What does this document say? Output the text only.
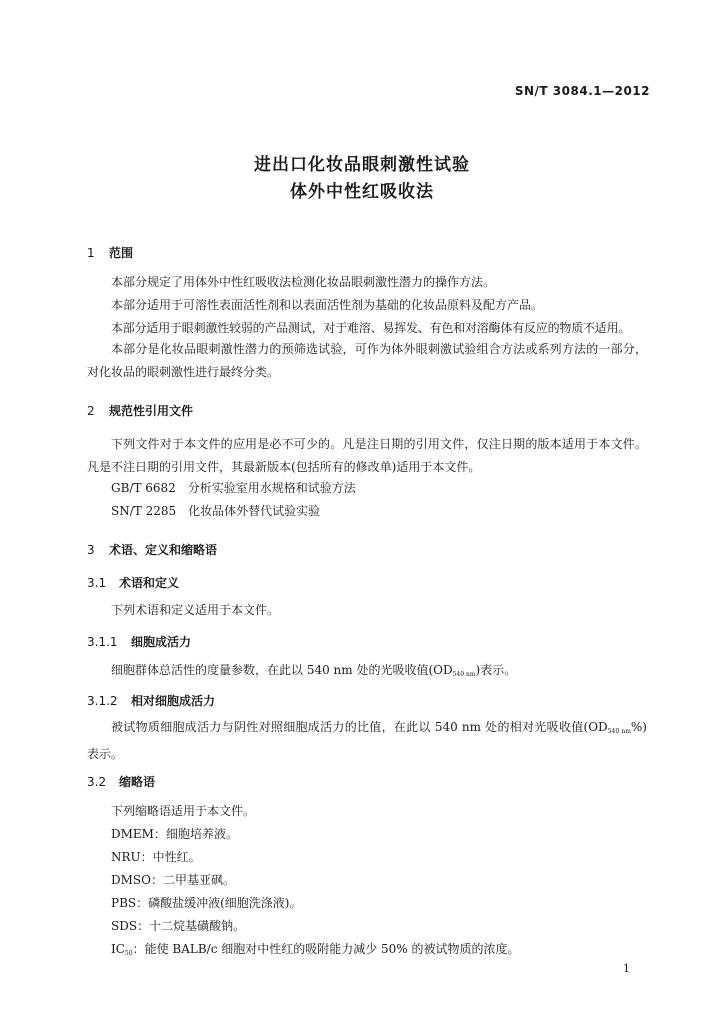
SN/T 3084.1—2012
进出口化妆品眼刺激性试验
体外中性红吸收法
1 范围
本部分规定了用体外中性红吸收法检测化妆品眼刺激性潜力的操作方法。
本部分适用于可溶性表面活性剂和以表面活性剂为基础的化妆品原料及配方产品。
本部分适用于眼刺激性较弱的产品测试，对于难溶、易挥发、有色和对溶酶体有反应的物质不适用。
本部分是化妆品眼刺激性潜力的预筛选试验，可作为体外眼刺激试验组合方法或系列方法的一部分，对化妆品的眼刺激性进行最终分类。
2 规范性引用文件
下列文件对于本文件的应用是必不可少的。凡是注日期的引用文件，仅注日期的版本适用于本文件。凡是不注日期的引用文件，其最新版本(包括所有的修改单)适用于本文件。
GB/T 6682　分析实验室用水规格和试验方法
SN/T 2285　化妆品体外替代试验实验
3 术语、定义和缩略语
3.1 术语和定义
下列术语和定义适用于本文件。
3.1.1 细胞成活力
细胞群体总活性的度量参数，在此以 540 nm 处的光吸收值$(OD_{540 nm})$表示。
3.1.2 相对细胞成活力
被试物质细胞成活力与阴性对照细胞成活力的比值，在此以 540 nm 处的相对光吸收值$(OD_{540 nm}\%)$表示。
3.2 缩略语
下列缩略语适用于本文件。
DMEM：细胞培养液。
NRU：中性红。
DMSO：二甲基亚砜。
PBS：磷酸盐缓冲液(细胞洗涤液)。
SDS：十二烷基磺酸钠。
$IC_{50}$：能使 BALB/c 细胞对中性红的吸附能力减少 50% 的被试物质的浓度。
1
